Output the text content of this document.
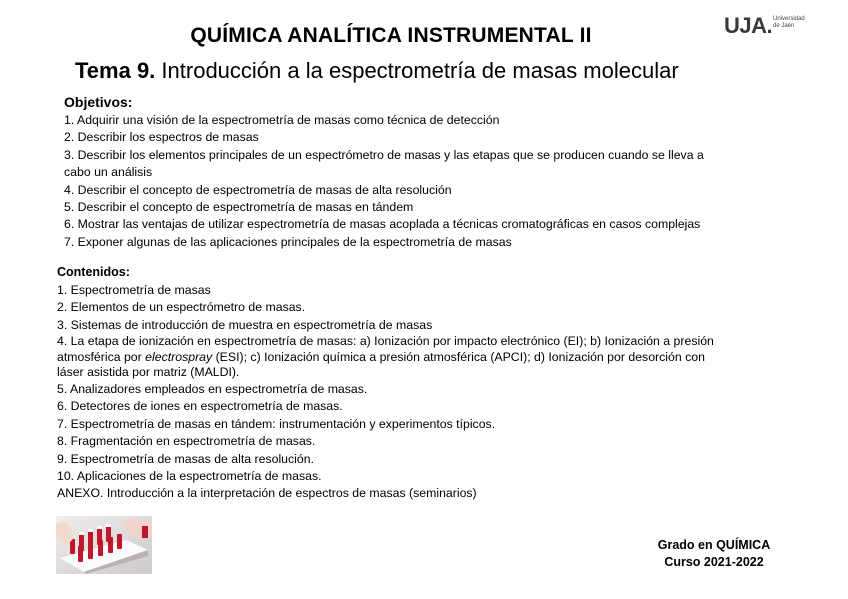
QUÍMICA ANALÍTICA INSTRUMENTAL II	UJA. Universidad
de Jaén
Tema 9. Introducción a la espectrometría de masas molecular
Objetivos:
1. Adquirir una visión de la espectrometría de masas como técnica de detección
2. Describir los espectros de masas
3. Describir los elementos principales de un espectrómetro de masas y las etapas que se producen cuando se lleva a
cabo un análisis
4. Describir el concepto de espectrometría de masas de alta resolución
5. Describir el concepto de espectrometría de masas en tándem
6. Mostrar las ventajas de utilizar espectrometría de masas acoplada a técnicas cromatográficas en casos complejas
7. Exponer algunas de las aplicaciones principales de la espectrometría de masas
Contenidos:
1. Espectrometría de masas
2. Elementos de un espectrómetro de masas.
3. Sistemas de introducción de muestra en espectrometría de masas
4. La etapa de ionización en espectrometría de masas: a) Ionización por impacto electrónico (EI); b) Ionización a presión
atmosférica por electrospray (ESI); c) Ionización química a presión atmosférica (APCI); d) Ionización por desorción con
láser asistida por matriz (MALDI).
5. Analizadores empleados en espectrometría de masas.
6. Detectores de iones en espectrometría de masas.
7. Espectrometría de masas en tándem: instrumentación y experimentos típicos.
8. Fragmentación en espectrometría de masas.
9. Espectrometría de masas de alta resolución.
10. Aplicaciones de la espectrometría de masas.
ANEXO. Introducción a la interpretación de espectros de masas (seminarios)
Grado en QUÍMICA
Curso 2021-2022
